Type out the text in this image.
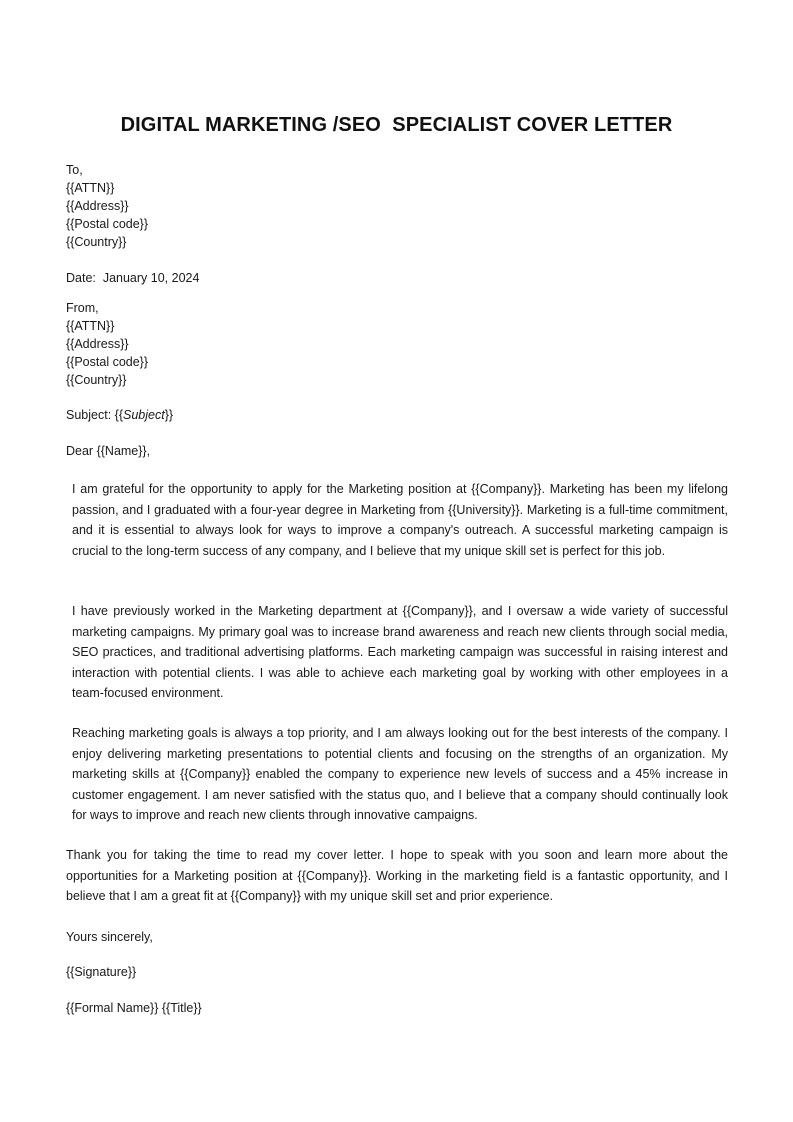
DIGITAL MARKETING /SEO  SPECIALIST COVER LETTER
To,
{{ATTN}}
{{Address}}
{{Postal code}}
{{Country}}
Date:  January 10, 2024
From,
{{ATTN}}
{{Address}}
{{Postal code}}
{{Country}}
Subject: {{Subject}}
Dear {{Name}},
I am grateful for the opportunity to apply for the Marketing position at {{Company}}. Marketing has been my lifelong passion, and I graduated with a four-year degree in Marketing from {{University}}. Marketing is a full-time commitment, and it is essential to always look for ways to improve a company's outreach. A successful marketing campaign is crucial to the long-term success of any company, and I believe that my unique skill set is perfect for this job.
I have previously worked in the Marketing department at {{Company}}, and I oversaw a wide variety of successful marketing campaigns. My primary goal was to increase brand awareness and reach new clients through social media, SEO practices, and traditional advertising platforms. Each marketing campaign was successful in raising interest and interaction with potential clients. I was able to achieve each marketing goal by working with other employees in a team-focused environment.
Reaching marketing goals is always a top priority, and I am always looking out for the best interests of the company. I enjoy delivering marketing presentations to potential clients and focusing on the strengths of an organization. My marketing skills at {{Company}} enabled the company to experience new levels of success and a 45% increase in customer engagement. I am never satisfied with the status quo, and I believe that a company should continually look for ways to improve and reach new clients through innovative campaigns.
Thank you for taking the time to read my cover letter. I hope to speak with you soon and learn more about the opportunities for a Marketing position at {{Company}}. Working in the marketing field is a fantastic opportunity, and I believe that I am a great fit at {{Company}} with my unique skill set and prior experience.
Yours sincerely,
{{Signature}}
{{Formal Name}} {{Title}}
